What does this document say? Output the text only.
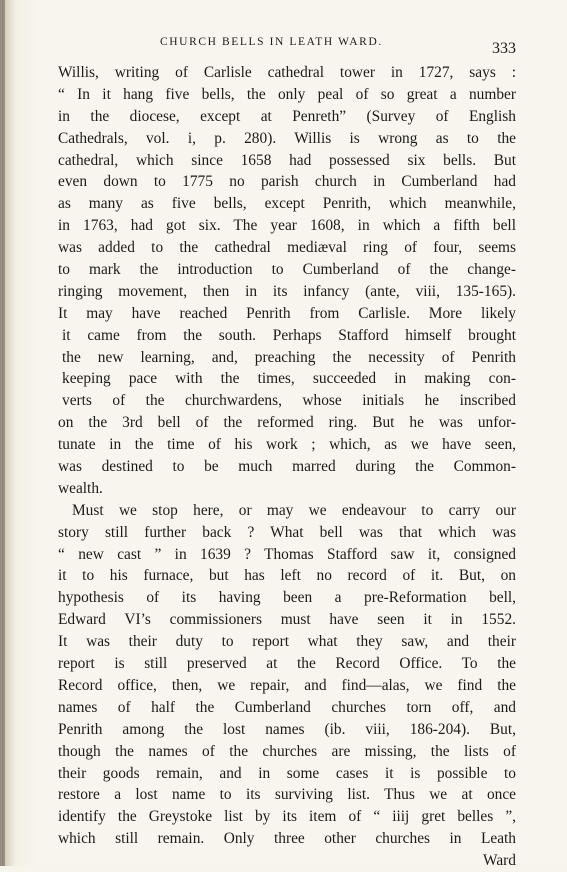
CHURCH BELLS IN LEATH WARD.	333
Willis, writing of Carlisle cathedral tower in 1727, says :
“ In it hang five bells, the only peal of so great a number
in the diocese, except at Penreth” (Survey of English
Cathedrals, vol. i, p. 280). Willis is wrong as to the
cathedral, which since 1658 had possessed six bells. But
even down to 1775 no parish church in Cumberland had
as many as five bells, except Penrith, which meanwhile,
in 1763, had got six. The year 1608, in which a fifth bell
was added to the cathedral mediæval ring of four, seems
to mark the introduction to Cumberland of the change-
ringing movement, then in its infancy (ante, viii, 135-165).
It may have reached Penrith from Carlisle. More likely
it came from the south. Perhaps Stafford himself brought
the new learning, and, preaching the necessity of Penrith
keeping pace with the times, succeeded in making con-
verts of the churchwardens, whose initials he inscribed
on the 3rd bell of the reformed ring. But he was unfor-
tunate in the time of his work ; which, as we have seen,
was destined to be much marred during the Common-
wealth.
Must we stop here, or may we endeavour to carry our
story still further back ? What bell was that which was
“ new cast ” in 1639 ? Thomas Stafford saw it, consigned
it to his furnace, but has left no record of it. But, on
hypothesis of its having been a pre-Reformation bell,
Edward VI’s commissioners must have seen it in 1552.
It was their duty to report what they saw, and their
report is still preserved at the Record Office. To the
Record office, then, we repair, and find—alas, we find the
names of half the Cumberland churches torn off, and
Penrith among the lost names (ib. viii, 186-204). But,
though the names of the churches are missing, the lists of
their goods remain, and in some cases it is possible to
restore a lost name to its surviving list. Thus we at once
identify the Greystoke list by its item of “ iiij gret belles ”,
which still remain. Only three other churches in Leath
Ward
